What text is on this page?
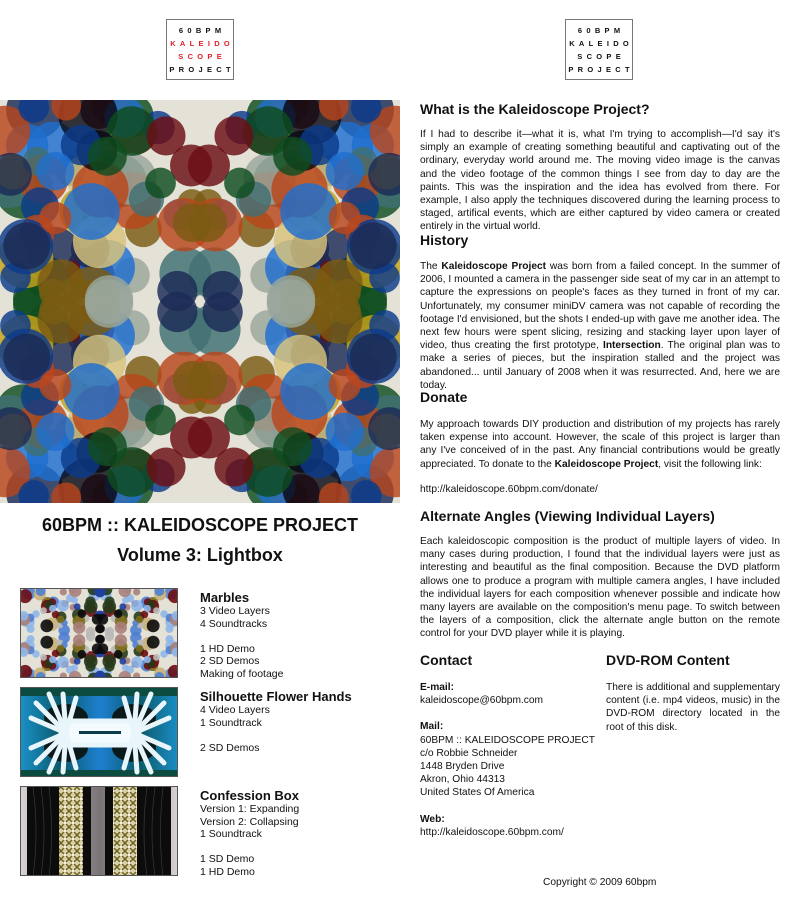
60BPM
KALEIDO
SCOPE
PROJECT
60BPM
KALEIDO
SCOPE
PROJECT
60BPM :: KALEIDOSCOPE PROJECT
Volume 3: Lightbox
Marbles
3 Video Layers
4 Soundtracks
1 HD Demo
2 SD Demos
Making of footage
Silhouette Flower Hands
4 Video Layers
1 Soundtrack
2 SD Demos
Confession Box
Version 1: Expanding
Version 2: Collapsing
1 Soundtrack
1 SD Demo
1 HD Demo
What is the Kaleidoscope Project?

If I had to describe it—what it is, what I'm trying to accomplish—I'd say it's simply an example of creating something beautiful and captivating out of the ordinary, everyday world around me. The moving video image is the canvas and the video footage of the common things I see from day to day are the paints. This was the inspiration and the idea has evolved from there. For example, I also apply the techniques discovered during the learning process to staged, artifical events, which are either captured by video camera or created entirely in the virtual world.

History

The Kaleidoscope Project was born from a failed concept. In the summer of 2006, I mounted a camera in the passenger side seat of my car in an attempt to capture the expressions on people's faces as they turned in front of my car. Unfortunately, my consumer miniDV camera was not capable of recording the footage I'd envisioned, but the shots I ended-up with gave me another idea. The next few hours were spent slicing, resizing and stacking layer upon layer of video, thus creating the first prototype, Intersection. The original plan was to make a series of pieces, but the inspiration stalled and the project was abandoned... until January of 2008 when it was resurrected. And, here we are today.

Donate

My approach towards DIY production and distribution of my projects has rarely taken expense into account. However, the scale of this project is larger than any I've conceived of in the past. Any financial contributions would be greatly appreciated. To donate to the Kaleidoscope Project, visit the following link:

http://kaleidoscope.60bpm.com/donate/
Alternate Angles (Viewing Individual Layers)

Each kaleidoscopic composition is the product of multiple layers of video. In many cases during production, I found that the individual layers were just as interesting and beautiful as the final composition. Because the DVD platform allows one to produce a program with multiple camera angles, I have included the individual layers for each composition whenever possible and indicate how many layers are available on the composition's menu page. To switch between the layers of a composition, click the alternate angle button on the remote control for your DVD player while it is playing.

Contact	DVD-ROM Content
E-mail:
kaleidoscope@60bpm.com
Mail:
60BPM :: KALEIDOSCOPE PROJECT
c/o Robbie Schneider
1448 Bryden Drive
Akron, Ohio 44313
United States Of America
Web:
http://kaleidoscope.60bpm.com/
There is additional and supplementary content (i.e. mp4 videos, music) in the DVD-ROM directory located in the root of this disk.
Copyright © 2009 60bpm
